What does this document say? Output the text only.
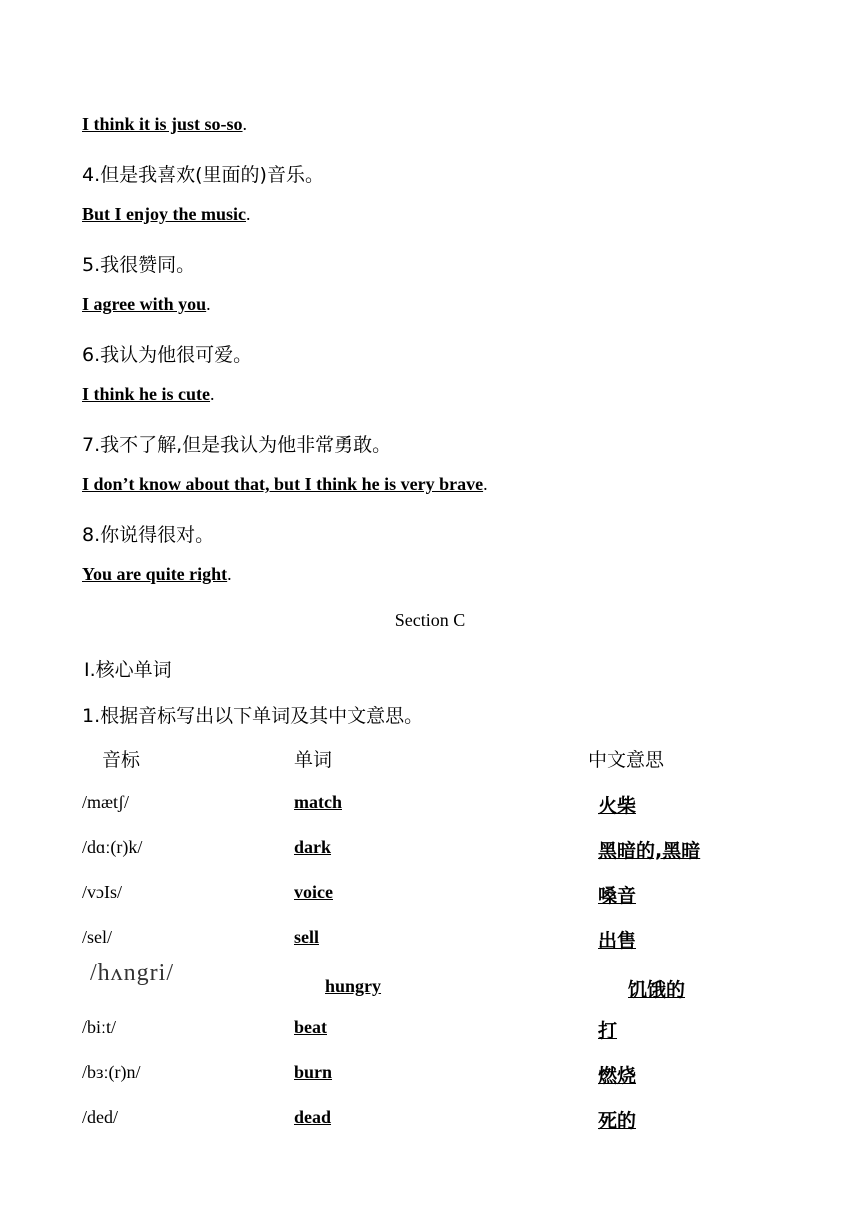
I think it is just so-so.
4.但是我喜欢(里面的)音乐。
But I enjoy the music.
5.我很赞同。
I agree with you.
6.我认为他很可爱。
I think he is cute.
7.我不了解,但是我认为他非常勇敢。
I don’t know about that, but I think he is very brave.
8.你说得很对。
You are quite right.
Section C
Ⅰ.核心单词
1.根据音标写出以下单词及其中文意思。
音标	单词	中文意思
/mætʃ/	match	火柴
/dɑː(r)k/	dark	黑暗的,黑暗
/vɔIs/	voice	嗓音
/sel/	sell	出售
/hʌngri/	hungry	饥饿的
/biːt/	beat	打
/bɜː(r)n/	burn	燃烧
/ded/	dead	死的
